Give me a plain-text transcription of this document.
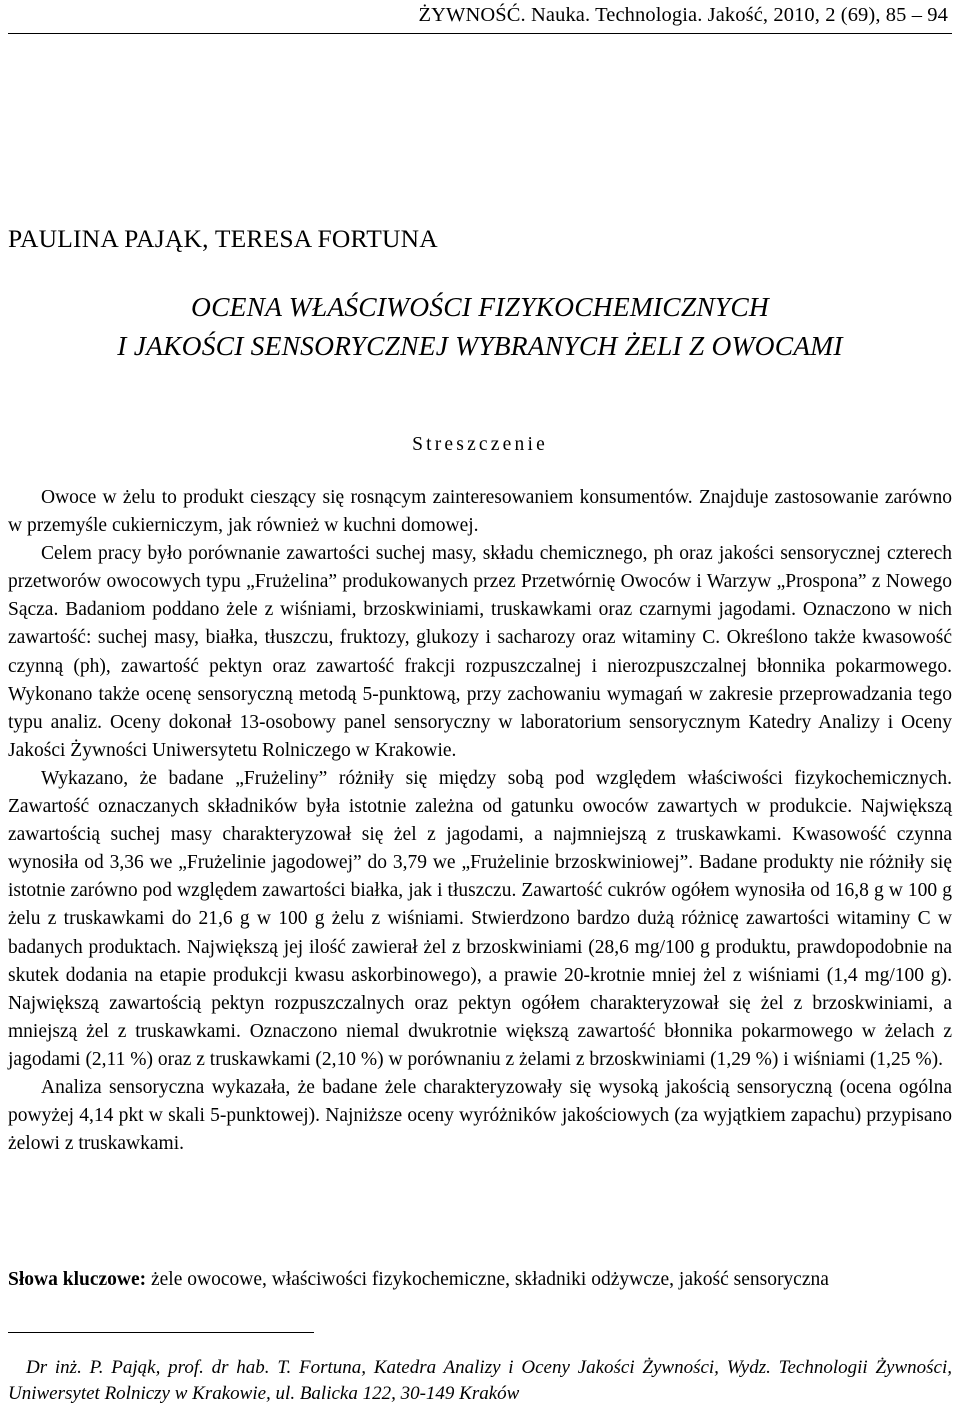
ŻYWNOŚĆ. Nauka. Technologia. Jakość, 2010, 2 (69), 85 – 94
PAULINA PAJĄK, TERESA FORTUNA
OCENA WŁAŚCIWOŚCI FIZYKOCHEMICZNYCH
I JAKOŚCI SENSORYCZNEJ WYBRANYCH ŻELI Z OWOCAMI
Streszczenie

Owoce w żelu to produkt cieszący się rosnącym zainteresowaniem konsumentów. Znajduje zastosowanie zarówno w przemyśle cukierniczym, jak również w kuchni domowej.

Celem pracy było porównanie zawartości suchej masy, składu chemicznego, ph oraz jakości sensorycznej czterech przetworów owocowych typu „Frużelina” produkowanych przez Przetwórnię Owoców i Warzyw „Prospona” z Nowego Sącza. Badaniom poddano żele z wiśniami, brzoskwiniami, truskawkami oraz czarnymi jagodami. Oznaczono w nich zawartość: suchej masy, białka, tłuszczu, fruktozy, glukozy i sacharozy oraz witaminy C. Określono także kwasowość czynną (ph), zawartość pektyn oraz zawartość frakcji rozpuszczalnej i nierozpuszczalnej błonnika pokarmowego. Wykonano także ocenę sensoryczną metodą 5-punktową, przy zachowaniu wymagań w zakresie przeprowadzania tego typu analiz. Oceny dokonał 13-osobowy panel sensoryczny w laboratorium sensorycznym Katedry Analizy i Oceny Jakości Żywności Uniwersytetu Rolniczego w Krakowie.

Wykazano, że badane „Frużeliny” różniły się między sobą pod względem właściwości fizykochemicznych. Zawartość oznaczanych składników była istotnie zależna od gatunku owoców zawartych w produkcie. Największą zawartością suchej masy charakteryzował się żel z jagodami, a najmniejszą z truskawkami. Kwasowość czynna wynosiła od 3,36 we „Frużelinie jagodowej” do 3,79 we „Frużelinie brzoskwiniowej”. Badane produkty nie różniły się istotnie zarówno pod względem zawartości białka, jak i tłuszczu. Zawartość cukrów ogółem wynosiła od 16,8 g w 100 g żelu z truskawkami do 21,6 g w 100 g żelu z wiśniami. Stwierdzono bardzo dużą różnicę zawartości witaminy C w badanych produktach. Największą jej ilość zawierał żel z brzoskwiniami (28,6 mg/100 g produktu, prawdopodobnie na skutek dodania na etapie produkcji kwasu askorbinowego), a prawie 20-krotnie mniej żel z wiśniami (1,4 mg/100 g). Największą zawartością pektyn rozpuszczalnych oraz pektyn ogółem charakteryzował się żel z brzoskwiniami, a mniejszą żel z truskawkami. Oznaczono niemal dwukrotnie większą zawartość błonnika pokarmowego w żelach z jagodami (2,11 %) oraz z truskawkami (2,10 %) w porównaniu z żelami z brzoskwiniami (1,29 %) i wiśniami (1,25 %).

Analiza sensoryczna wykazała, że badane żele charakteryzowały się wysoką jakością sensoryczną (ocena ogólna powyżej 4,14 pkt w skali 5-punktowej). Najniższe oceny wyróżników jakościowych (za wyjątkiem zapachu) przypisano żelowi z truskawkami.

Słowa kluczowe: żele owocowe, właściwości fizykochemiczne, składniki odżywcze, jakość sensoryczna
Dr inż. P. Pająk, prof. dr hab. T. Fortuna, Katedra Analizy i Oceny Jakości Żywności, Wydz. Technologii Żywności, Uniwersytet Rolniczy w Krakowie, ul. Balicka 122, 30-149 Kraków
